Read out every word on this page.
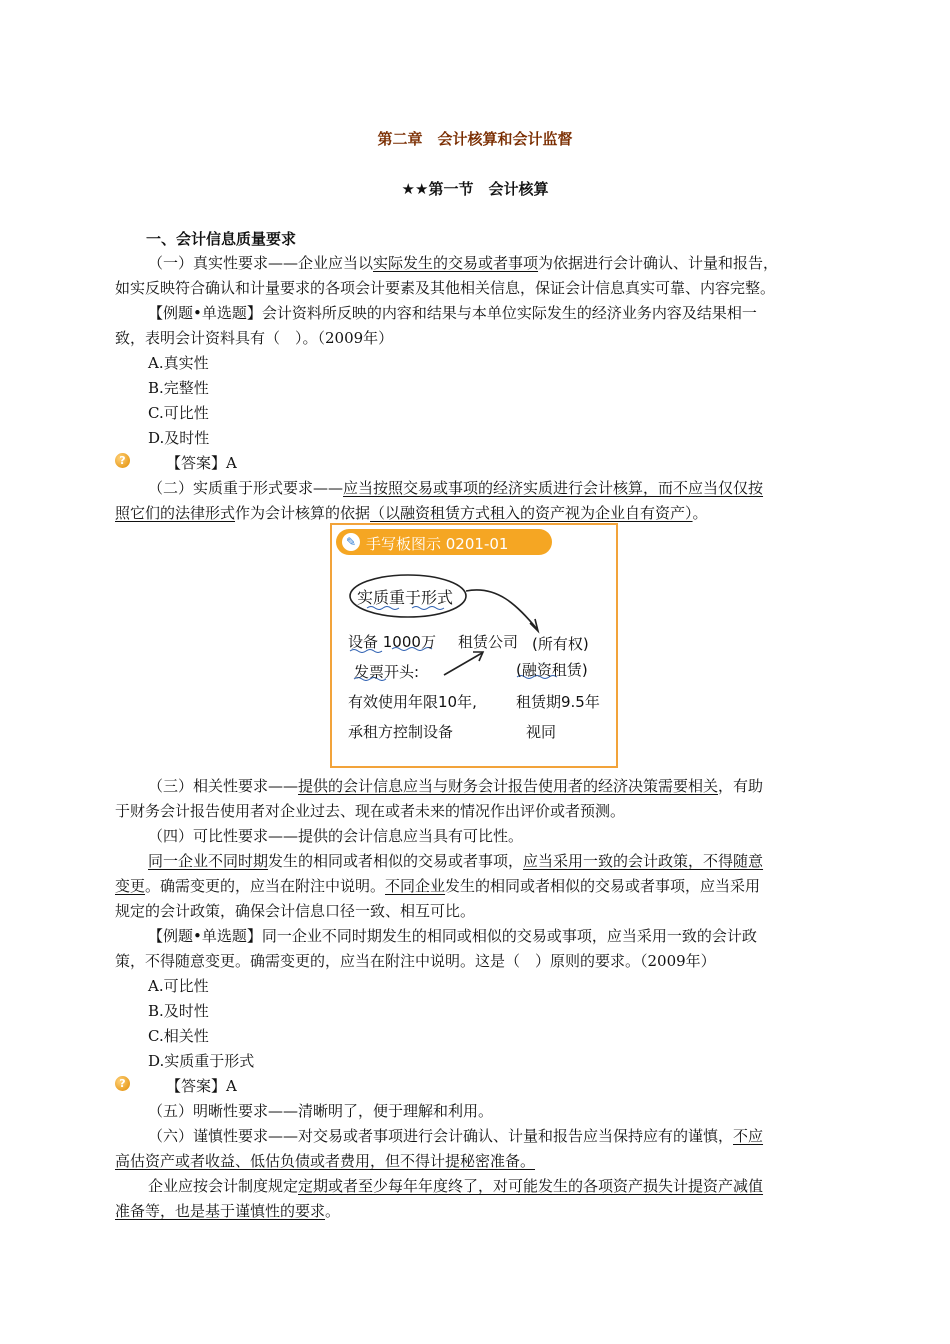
第二章　会计核算和会计监督
★★第一节　会计核算
一、会计信息质量要求
（一）真实性要求——企业应当以实际发生的交易或者事项为依据进行会计确认、计量和报告，
如实反映符合确认和计量要求的各项会计要素及其他相关信息，保证会计信息真实可靠、内容完整。
【例题•单选题】会计资料所反映的内容和结果与本单位实际发生的经济业务内容及结果相一
致，表明会计资料具有（　）。（2009年）
A.真实性
B.完整性
C.可比性
D.及时性
?	【答案】A
（二）实质重于形式要求——应当按照交易或事项的经济实质进行会计核算，而不应当仅仅按
照它们的法律形式作为会计核算的依据（以融资租赁方式租入的资产视为企业自有资产）。
✎ 手写板图示 0201-01
实质重于形式
设备 1000万 租赁公司 (所有权)
发票开头:	(融资租赁)
有效使用年限10年,	租赁期9.5年
承租方控制设备	视同
（三）相关性要求——提供的会计信息应当与财务会计报告使用者的经济决策需要相关，有助
于财务会计报告使用者对企业过去、现在或者未来的情况作出评价或者预测。
（四）可比性要求——提供的会计信息应当具有可比性。
同一企业不同时期发生的相同或者相似的交易或者事项，应当采用一致的会计政策，不得随意
变更。确需变更的，应当在附注中说明。不同企业发生的相同或者相似的交易或者事项，应当采用
规定的会计政策，确保会计信息口径一致、相互可比。
【例题•单选题】同一企业不同时期发生的相同或相似的交易或事项，应当采用一致的会计政
策，不得随意变更。确需变更的，应当在附注中说明。这是（　）原则的要求。（2009年）
A.可比性
B.及时性
C.相关性
D.实质重于形式
?	【答案】A
（五）明晰性要求——清晰明了，便于理解和利用。
（六）谨慎性要求——对交易或者事项进行会计确认、计量和报告应当保持应有的谨慎，不应
高估资产或者收益、低估负债或者费用，但不得计提秘密准备。
企业应按会计制度规定定期或者至少每年年度终了，对可能发生的各项资产损失计提资产减值
准备等，也是基于谨慎性的要求。
